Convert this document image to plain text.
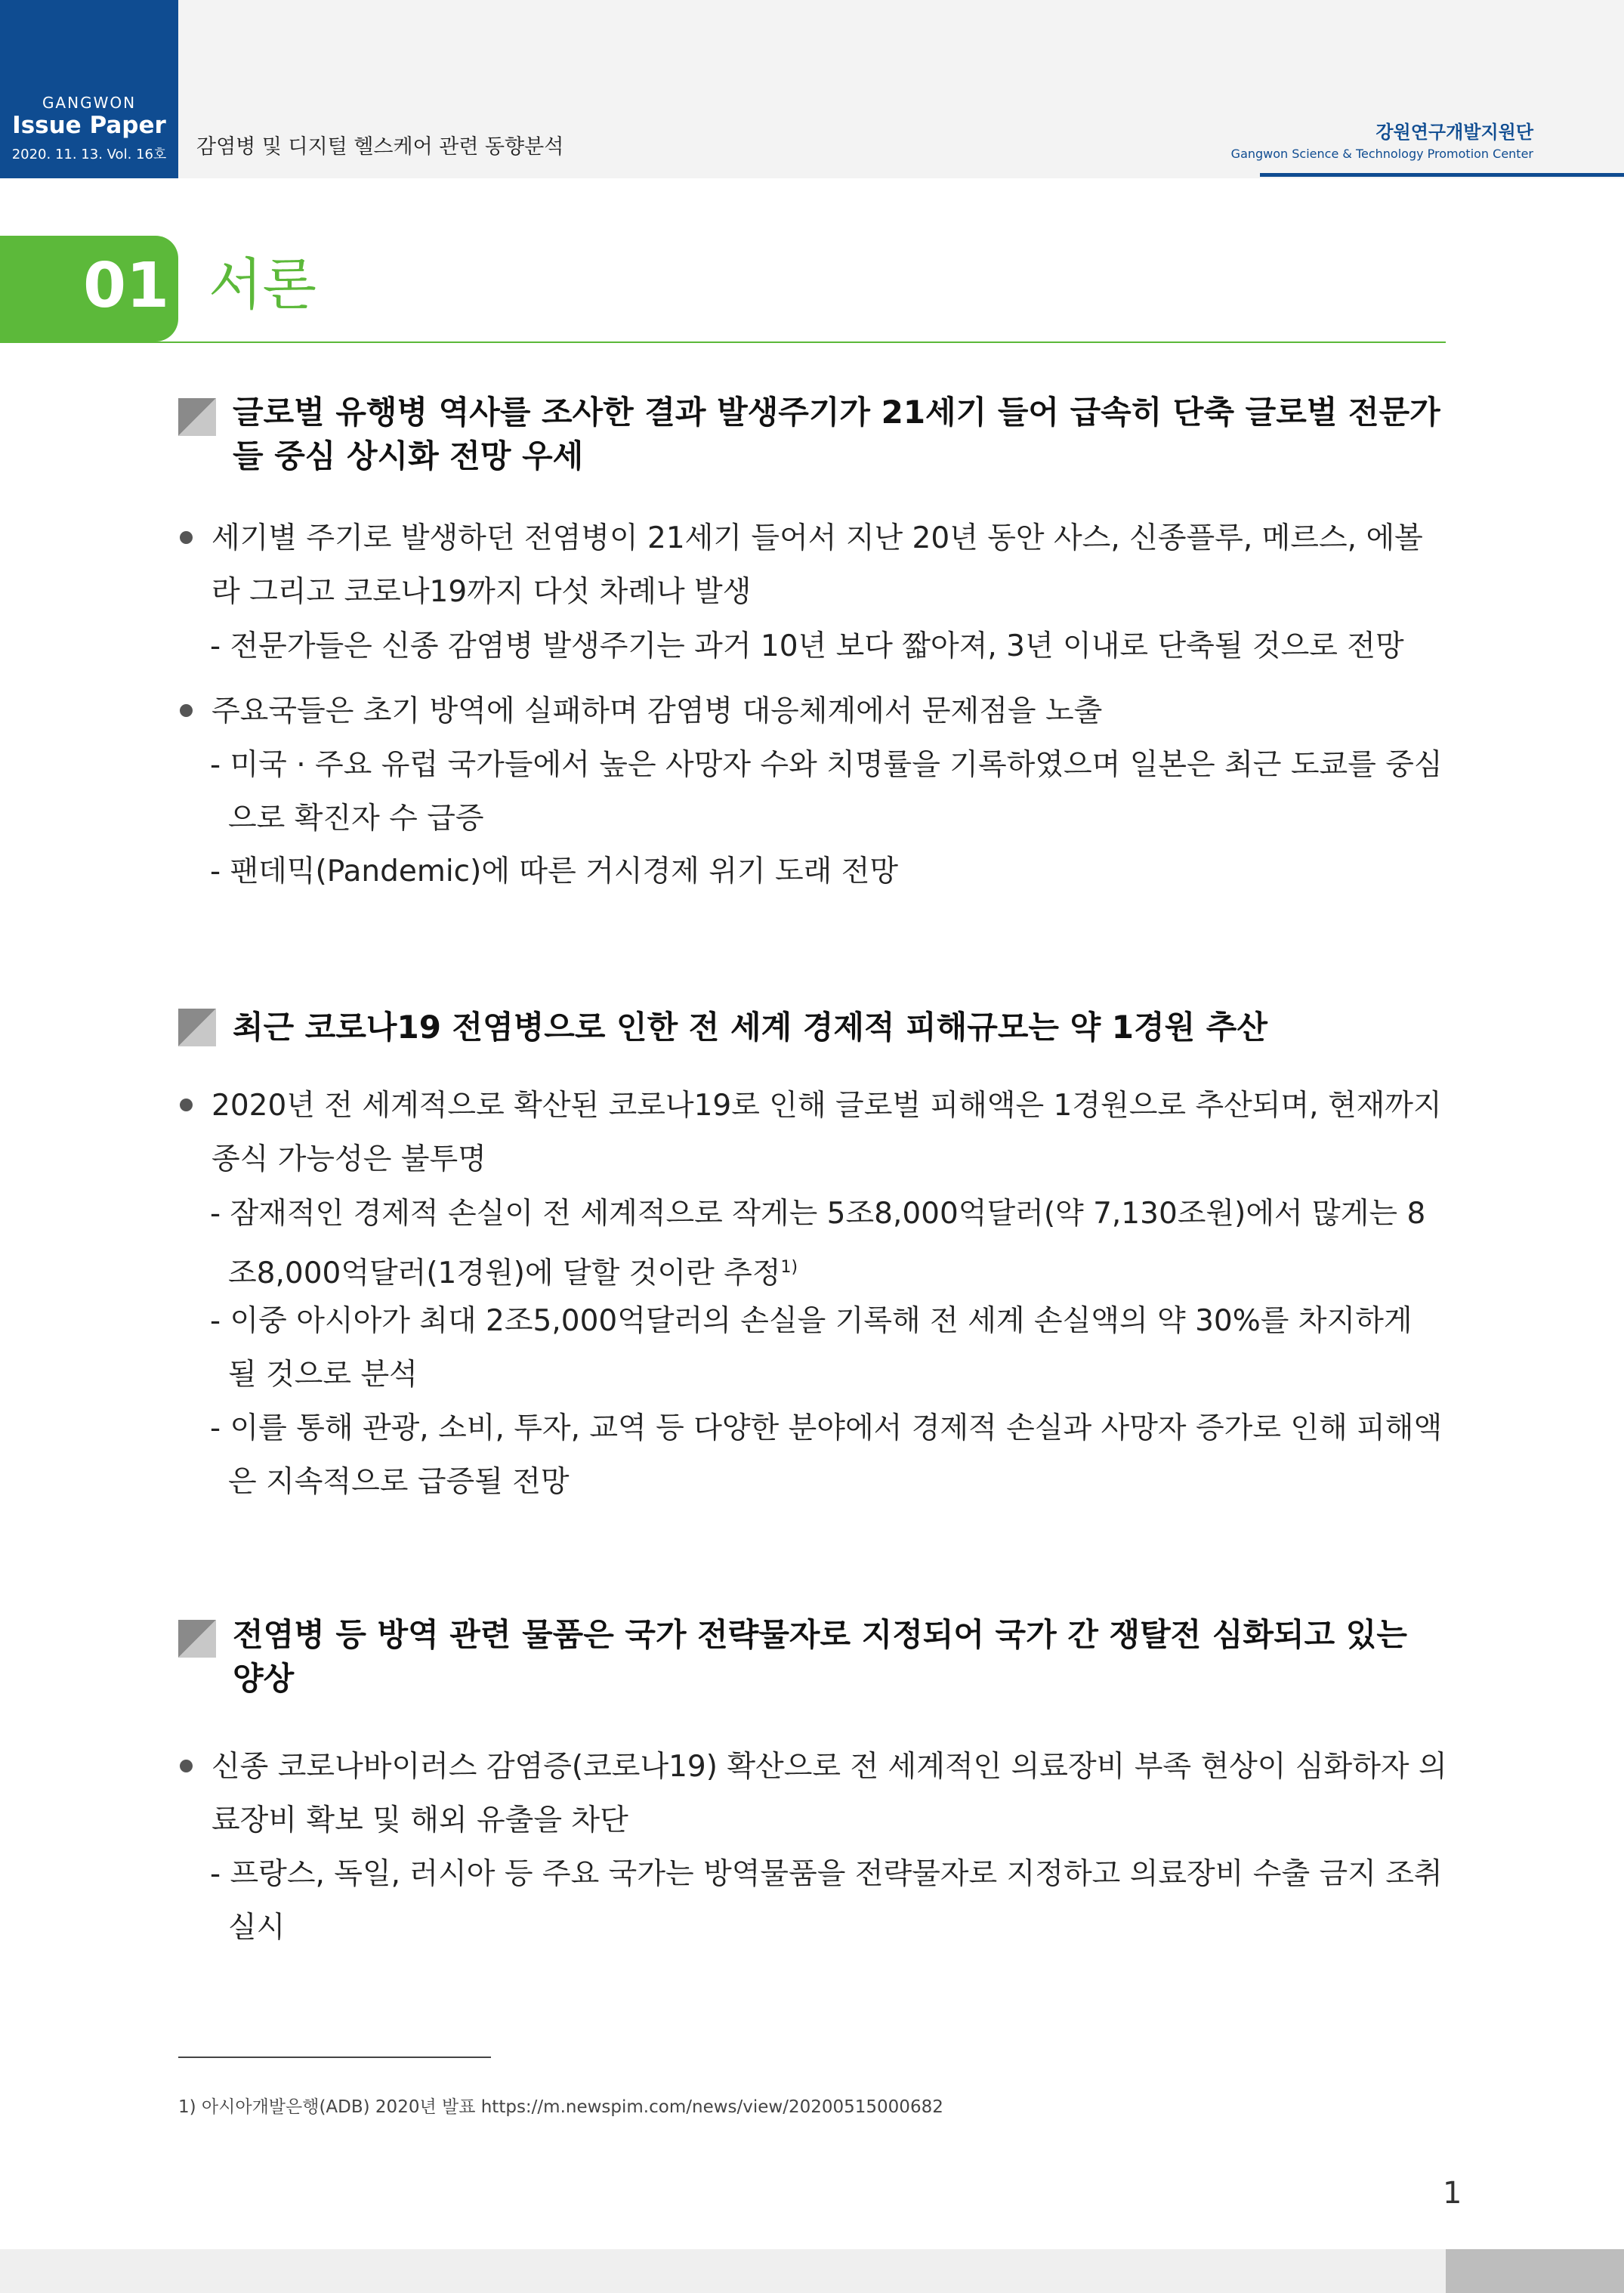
GANGWON
Issue Paper
2020. 11. 13. Vol. 16호	감염병 및 디지털 헬스케어 관련 동향분석
강원연구개발지원단
Gangwon Science & Technology Promotion Center
01 서론
글로벌 유행병 역사를 조사한 결과 발생주기가 21세기 들어 급속히 단축 글로벌 전문가들 중심 상시화 전망 우세
세기별 주기로 발생하던 전염병이 21세기 들어서 지난 20년 동안 사스, 신종플루, 메르스, 에볼라 그리고 코로나19까지 다섯 차례나 발생
- 전문가들은 신종 감염병 발생주기는 과거 10년 보다 짧아져, 3년 이내로 단축될 것으로 전망
주요국들은 초기 방역에 실패하며 감염병 대응체계에서 문제점을 노출
- 미국 · 주요 유럽 국가들에서 높은 사망자 수와 치명률을 기록하였으며 일본은 최근 도쿄를 중심으로 확진자 수 급증
- 팬데믹(Pandemic)에 따른 거시경제 위기 도래 전망
최근 코로나19 전염병으로 인한 전 세계 경제적 피해규모는 약 1경원 추산
2020년 전 세계적으로 확산된 코로나19로 인해 글로벌 피해액은 1경원으로 추산되며, 현재까지 종식 가능성은 불투명
- 잠재적인 경제적 손실이 전 세계적으로 작게는 5조8,000억달러(약 7,130조원)에서 많게는 8조8,000억달러(1경원)에 달할 것이란 추정$^{1)}$
- 이중 아시아가 최대 2조5,000억달러의 손실을 기록해 전 세계 손실액의 약 30%를 차지하게 될 것으로 분석
- 이를 통해 관광, 소비, 투자, 교역 등 다양한 분야에서 경제적 손실과 사망자 증가로 인해 피해액은 지속적으로 급증될 전망
전염병 등 방역 관련 물품은 국가 전략물자로 지정되어 국가 간 쟁탈전 심화되고 있는 양상
신종 코로나바이러스 감염증(코로나19) 확산으로 전 세계적인 의료장비 부족 현상이 심화하자 의료장비 확보 및 해외 유출을 차단
- 프랑스, 독일, 러시아 등 주요 국가는 방역물품을 전략물자로 지정하고 의료장비 수출 금지 조취 실시
1) 아시아개발은행(ADB) 2020년 발표 https://m.newspim.com/news/view/20200515000682
1
